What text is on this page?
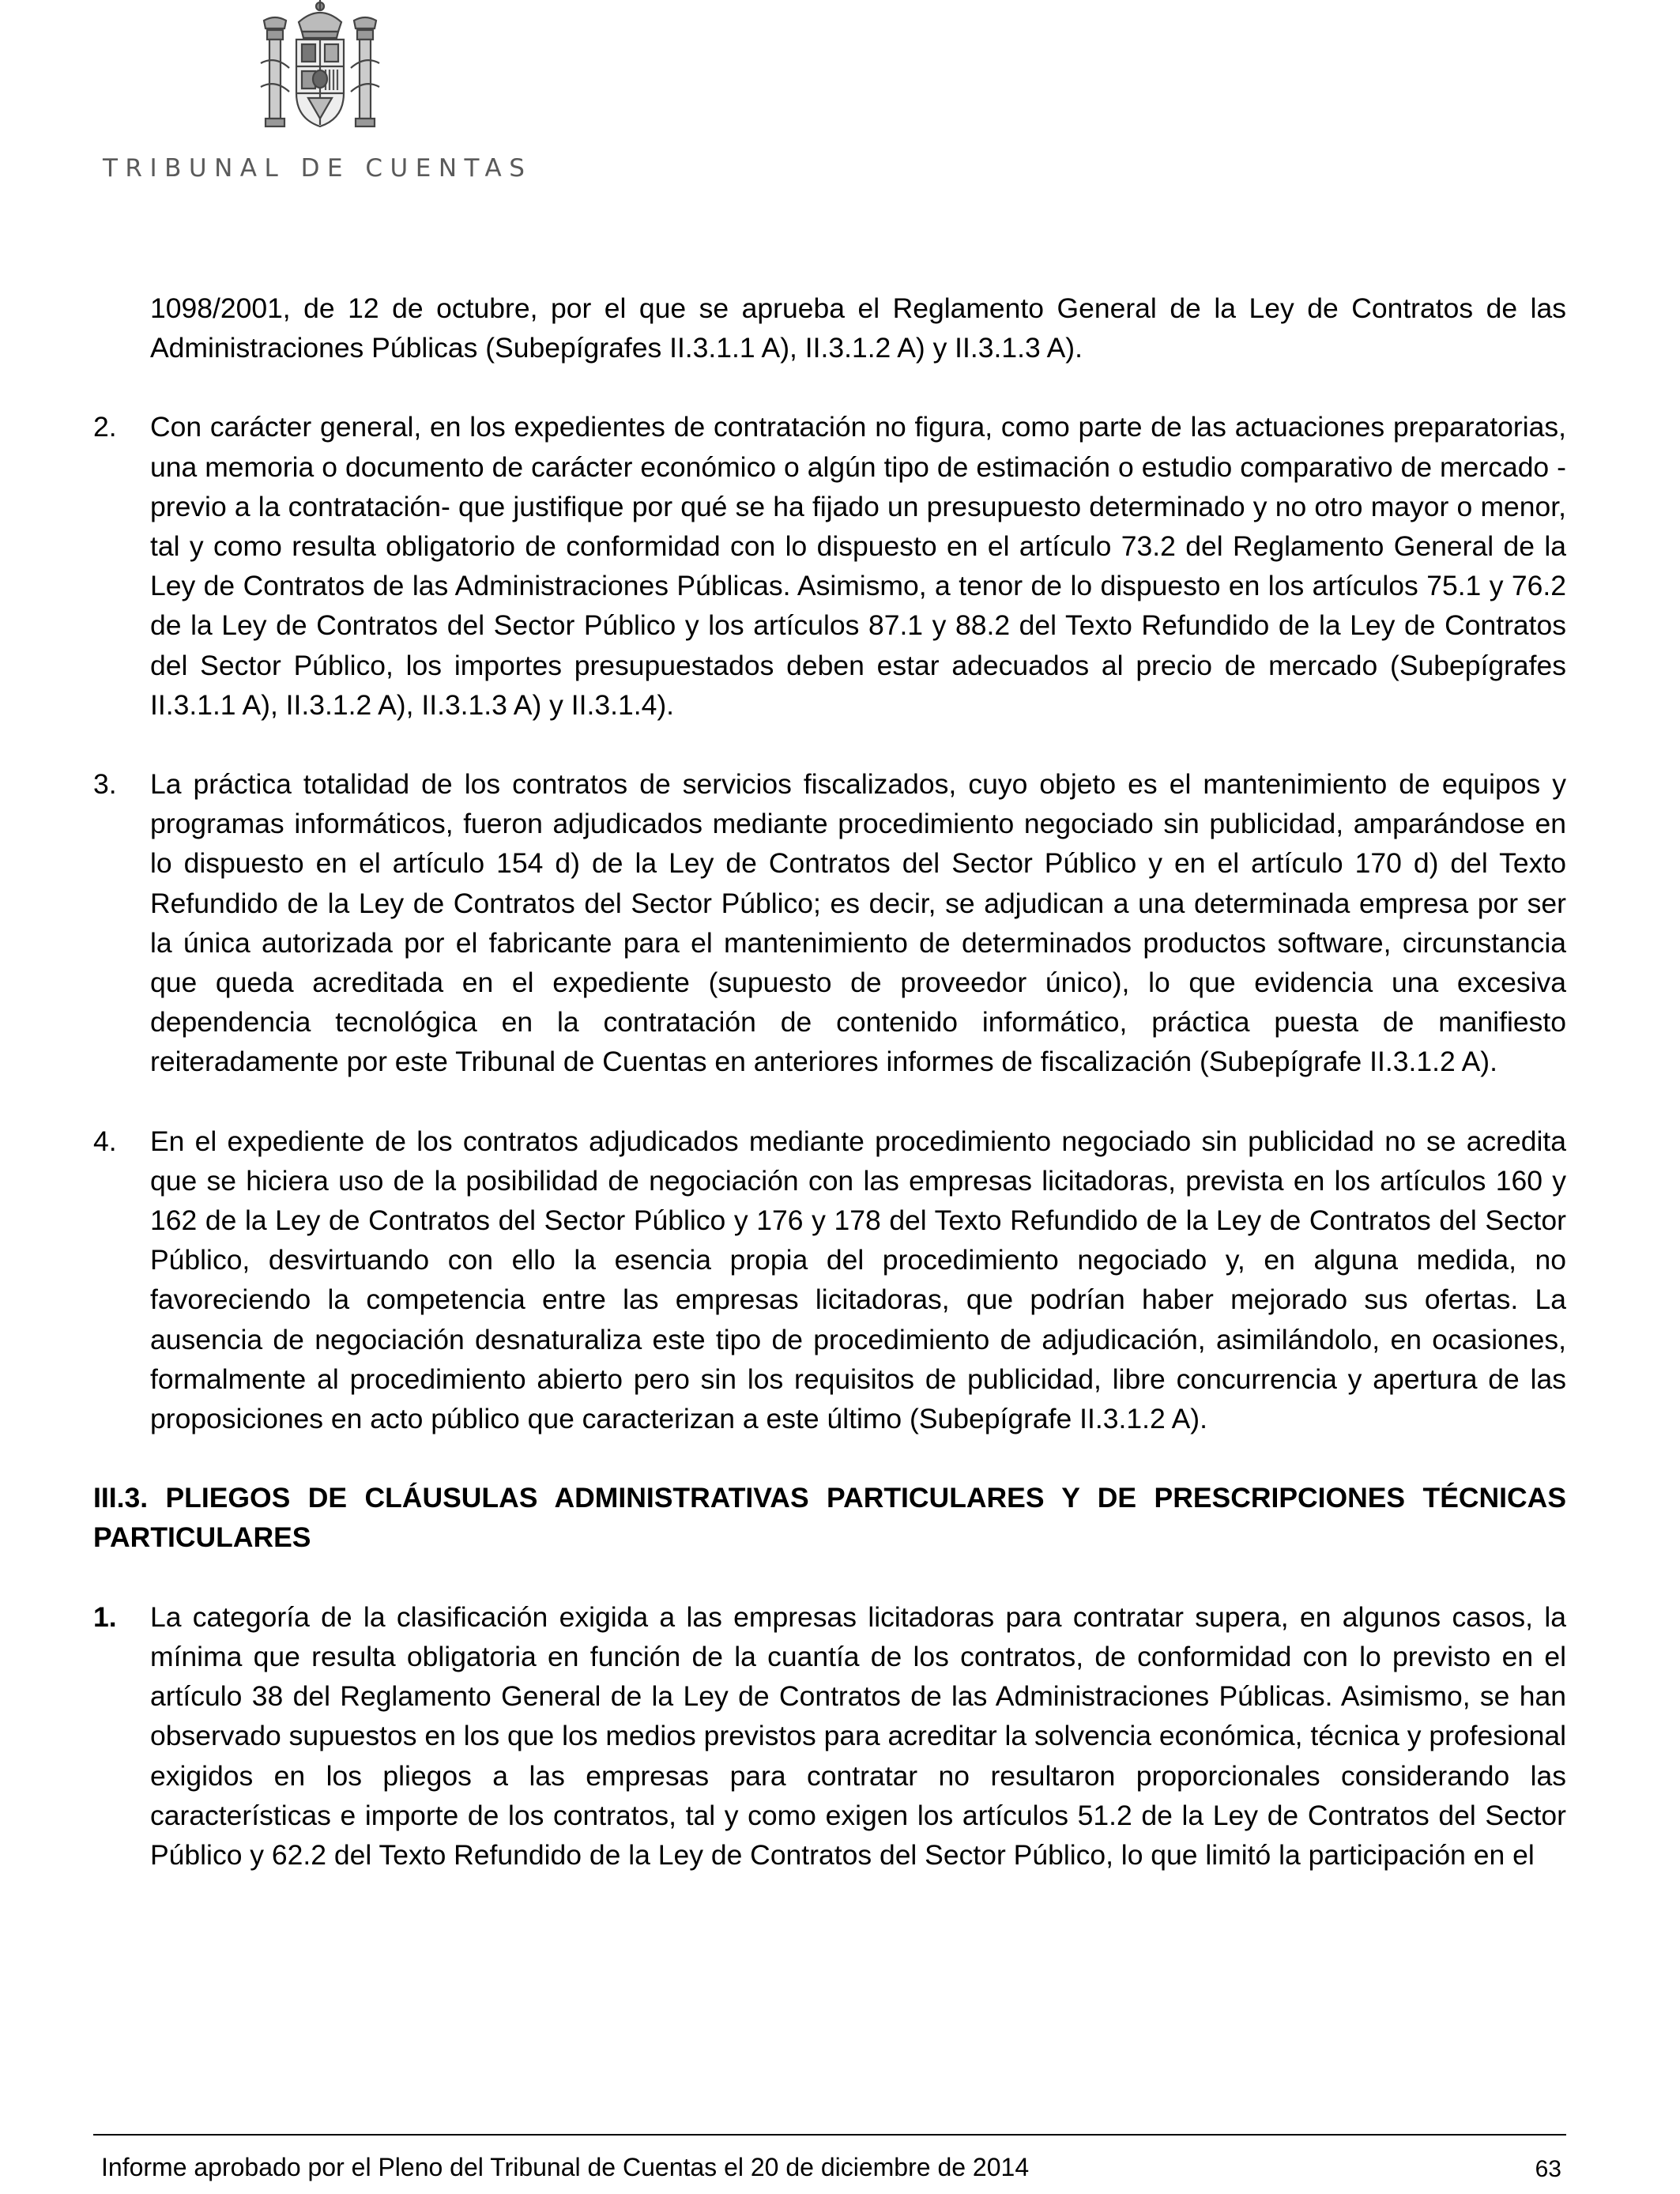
TRIBUNAL DE CUENTAS

1098/2001, de 12 de octubre, por el que se aprueba el Reglamento General de la Ley de Contratos de las Administraciones Públicas (Subepígrafes II.3.1.1 A), II.3.1.2 A) y II.3.1.3 A).

2.	Con carácter general, en los expedientes de contratación no figura, como parte de las actuaciones preparatorias, una memoria o documento de carácter económico o algún tipo de estimación o estudio comparativo de mercado -previo a la contratación- que justifique por qué se ha fijado un presupuesto determinado y no otro mayor o menor, tal y como resulta obligatorio de conformidad con lo dispuesto en el artículo 73.2 del Reglamento General de la Ley de Contratos de las Administraciones Públicas. Asimismo, a tenor de lo dispuesto en los artículos 75.1 y 76.2 de la Ley de Contratos del Sector Público y los artículos 87.1 y 88.2 del Texto Refundido de la Ley de Contratos del Sector Público, los importes presupuestados deben estar adecuados al precio de mercado (Subepígrafes II.3.1.1 A), II.3.1.2 A), II.3.1.3 A) y II.3.1.4).
3.	La práctica totalidad de los contratos de servicios fiscalizados, cuyo objeto es el mantenimiento de equipos y programas informáticos, fueron adjudicados mediante procedimiento negociado sin publicidad, amparándose en lo dispuesto en el artículo 154 d) de la Ley de Contratos del Sector Público y en el artículo 170 d) del Texto Refundido de la Ley de Contratos del Sector Público; es decir, se adjudican a una determinada empresa por ser la única autorizada por el fabricante para el mantenimiento de determinados productos software, circunstancia que queda acreditada en el expediente (supuesto de proveedor único), lo que evidencia una excesiva dependencia tecnológica en la contratación de contenido informático, práctica puesta de manifiesto reiteradamente por este Tribunal de Cuentas en anteriores informes de fiscalización (Subepígrafe II.3.1.2 A).
4.	En el expediente de los contratos adjudicados mediante procedimiento negociado sin publicidad no se acredita que se hiciera uso de la posibilidad de negociación con las empresas licitadoras, prevista en los artículos 160 y 162 de la Ley de Contratos del Sector Público y 176 y 178 del Texto Refundido de la Ley de Contratos del Sector Público, desvirtuando con ello la esencia propia del procedimiento negociado y, en alguna medida, no favoreciendo la competencia entre las empresas licitadoras, que podrían haber mejorado sus ofertas. La ausencia de negociación desnaturaliza este tipo de procedimiento de adjudicación, asimilándolo, en ocasiones, formalmente al procedimiento abierto pero sin los requisitos de publicidad, libre concurrencia y apertura de las proposiciones en acto público que caracterizan a este último (Subepígrafe II.3.1.2 A).
III.3. PLIEGOS DE CLÁUSULAS ADMINISTRATIVAS PARTICULARES Y DE PRESCRIPCIONES TÉCNICAS PARTICULARES
1.	La categoría de la clasificación exigida a las empresas licitadoras para contratar supera, en algunos casos, la mínima que resulta obligatoria en función de la cuantía de los contratos, de conformidad con lo previsto en el artículo 38 del Reglamento General de la Ley de Contratos de las Administraciones Públicas. Asimismo, se han observado supuestos en los que los medios previstos para acreditar la solvencia económica, técnica y profesional exigidos en los pliegos a las empresas para contratar no resultaron proporcionales considerando las características e importe de los contratos, tal y como exigen los artículos 51.2 de la Ley de Contratos del Sector Público y 62.2 del Texto Refundido de la Ley de Contratos del Sector Público, lo que limitó la participación en el
63
Informe aprobado por el Pleno del Tribunal de Cuentas el 20 de diciembre de 2014
